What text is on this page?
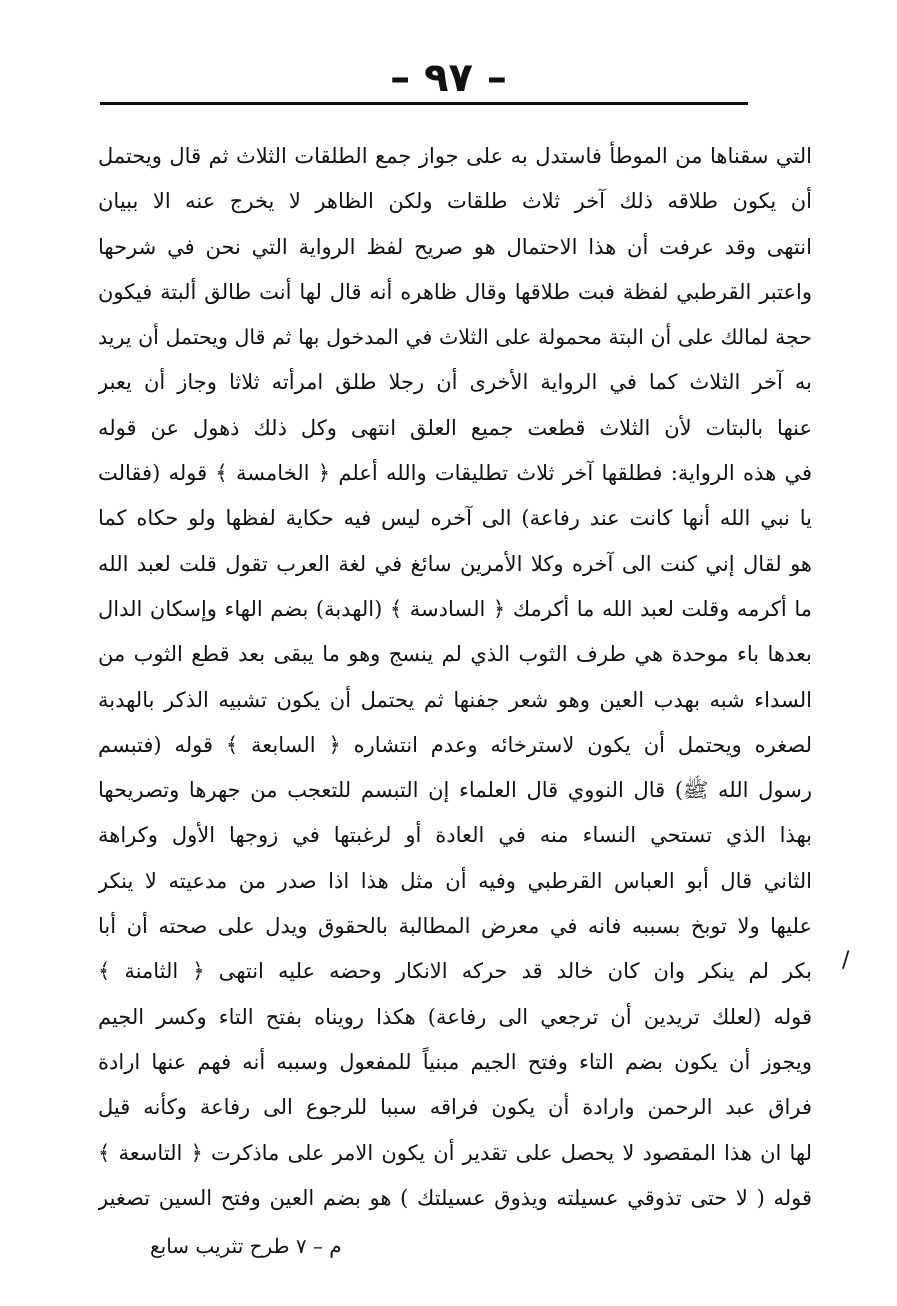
– ٩٧ –
التي سقناها من الموطأ فاستدل به على جواز جمع الطلقات الثلاث ثم قال ويحتمل
أن يكون طلاقه ذلك آخر ثلاث طلقات ولكن الظاهر لا يخرج عنه الا ببيان
انتهى وقد عرفت أن هذا الاحتمال هو صريح لفظ الرواية التي نحن في شرحها
واعتبر القرطبي لفظة فبت طلاقها وقال ظاهره أنه قال لها أنت طالق ألبتة فيكون
حجة لمالك على أن البتة محمولة على الثلاث في المدخول بها ثم قال ويحتمل أن يريد
به آخر الثلاث كما في الرواية الأخرى أن رجلا طلق امرأته ثلاثا وجاز أن يعبر
عنها بالبتات لأن الثلاث قطعت جميع العلق انتهى وكل ذلك ذهول عن قوله
في هذه الرواية: فطلقها آخر ثلاث تطليقات والله أعلم ﴿ الخامسة ﴾ قوله (فقالت
يا نبي الله أنها كانت عند رفاعة) الى آخره ليس فيه حكاية لفظها ولو حكاه كما
هو لقال إني كنت الى آخره وكلا الأمرين سائغ في لغة العرب تقول قلت لعبد الله
ما أكرمه وقلت لعبد الله ما أكرمك ﴿ السادسة ﴾ (الهدبة) بضم الهاء وإسكان الدال
بعدها باء موحدة هي طرف الثوب الذي لم ينسج وهو ما يبقى بعد قطع الثوب من
السداء شبه بهدب العين وهو شعر جفنها ثم يحتمل أن يكون تشبيه الذكر بالهدبة
لصغره ويحتمل أن يكون لاسترخائه وعدم انتشاره ﴿ السابعة ﴾ قوله (فتبسم
رسول الله ﷺ) قال النووي قال العلماء إن التبسم للتعجب من جهرها وتصريحها
بهذا الذي تستحي النساء منه في العادة أو لرغبتها في زوجها الأول وكراهة
الثاني قال أبو العباس القرطبي وفيه أن مثل هذا اذا صدر من مدعيته لا ينكر
عليها ولا توبخ بسببه فانه في معرض المطالبة بالحقوق ويدل على صحته أن أبا
بكر لم ينكر وان كان خالد قد حركه الانكار وحضه عليه انتهى ﴿ الثامنة ﴾
قوله (لعلك تريدين أن ترجعي الى رفاعة) هكذا رويناه بفتح التاء وكسر الجيم
ويجوز أن يكون بضم التاء وفتح الجيم مبنياً للمفعول وسببه أنه فهم عنها ارادة
فراق عبد الرحمن وارادة أن يكون فراقه سببا للرجوع الى رفاعة وكأنه قيل
لها ان هذا المقصود لا يحصل على تقدير أن يكون الامر على ماذكرت ﴿ التاسعة ﴾
قوله ( لا حتى تذوقي عسيلته ويذوق عسيلتك ) هو بضم العين وفتح السين تصغير
/
م – ٧ طرح تثريب سابع
